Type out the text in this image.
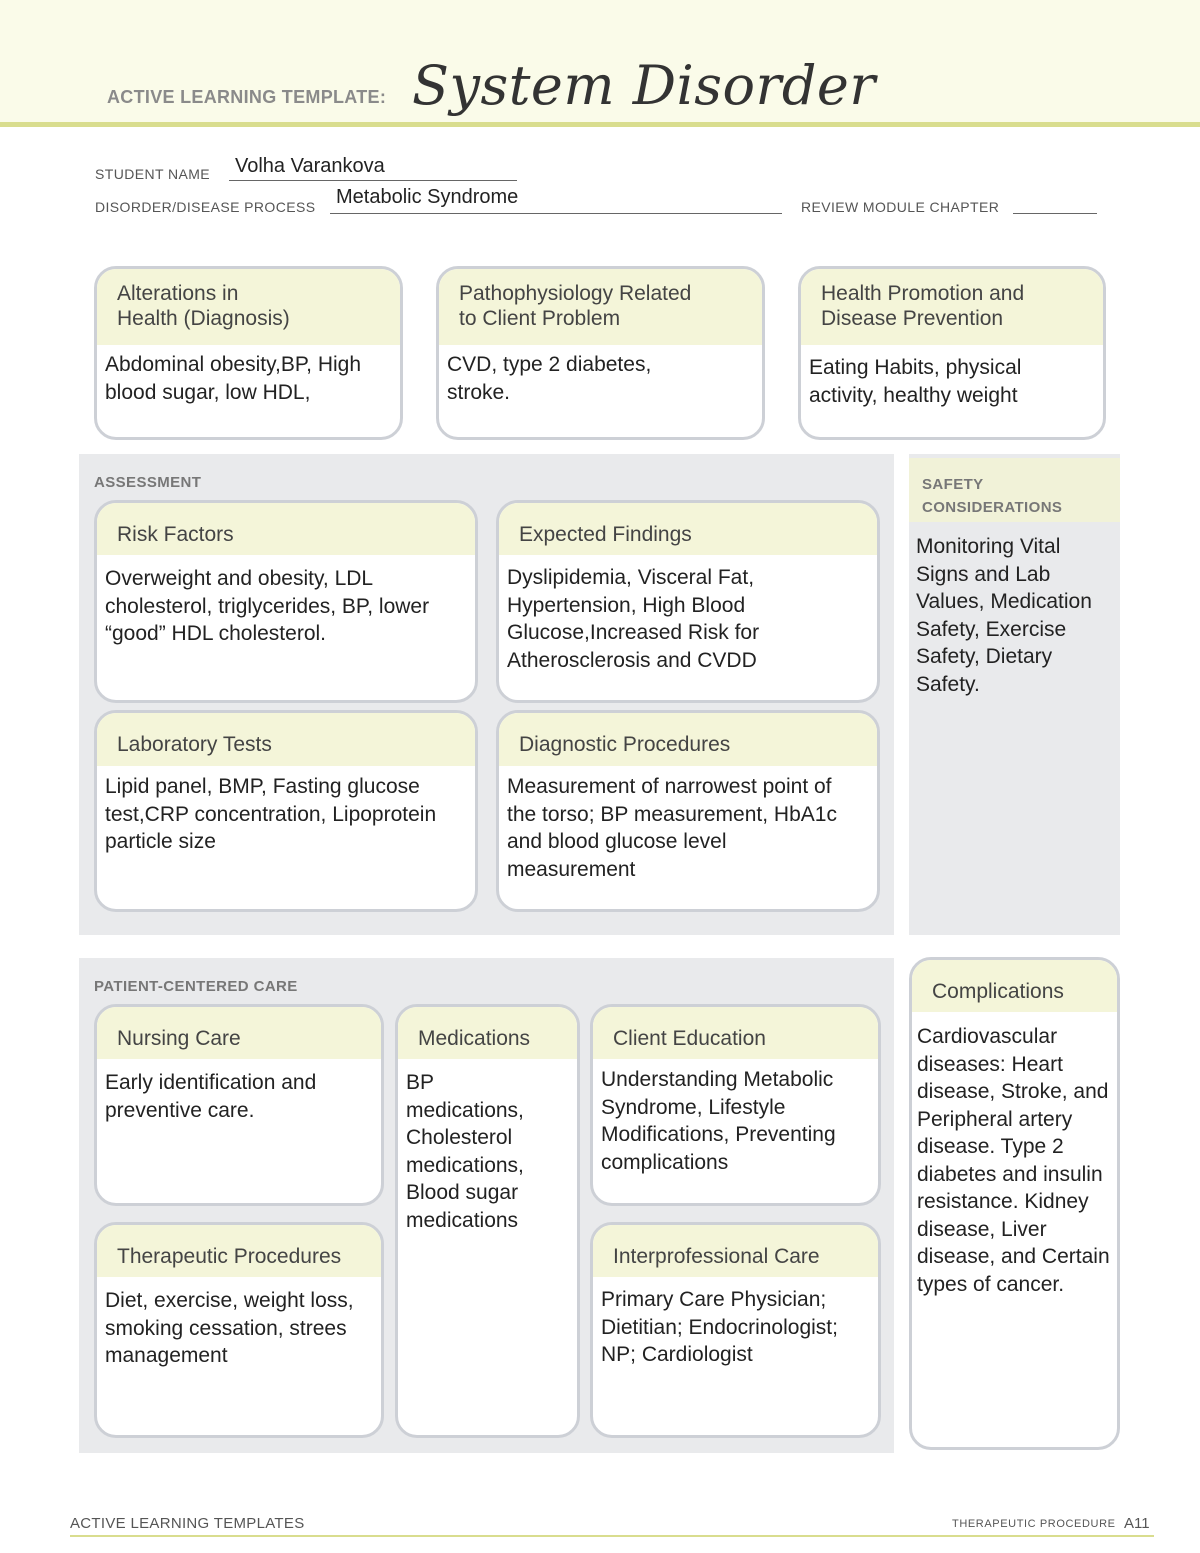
ACTIVE LEARNING TEMPLATE: System Disorder
STUDENT NAME Volha Varankova
DISORDER/DISEASE PROCESS Metabolic Syndrome	REVIEW MODULE CHAPTER
Alterations in
Health (Diagnosis)
Abdominal obesity,BP, High blood sugar, low HDL,
Pathophysiology Related
to Client Problem
CVD, type 2 diabetes, stroke.
Health Promotion and
Disease Prevention
Eating Habits, physical activity, healthy weight
ASSESSMENT
Risk Factors
Overweight and obesity, LDL cholesterol, triglycerides, BP, lower “good” HDL cholesterol.
Expected Findings
Dyslipidemia, Visceral Fat, Hypertension, High Blood Glucose,Increased Risk for Atherosclerosis and CVDD
Laboratory Tests
Lipid panel, BMP, Fasting glucose test,CRP concentration, Lipoprotein particle size
Diagnostic Procedures
Measurement of narrowest point of the torso; BP measurement, HbA1c and blood glucose level measurement
SAFETY
CONSIDERATIONS
Monitoring Vital Signs and Lab Values, Medication Safety, Exercise Safety, Dietary Safety.
PATIENT-CENTERED CARE
Nursing Care
Early identification and preventive care.
Medications
BP medications, Cholesterol medications, Blood sugar medications
Client Education
Understanding Metabolic Syndrome, Lifestyle Modifications, Preventing complications
Therapeutic Procedures
Diet, exercise, weight loss, smoking cessation, strees management
Interprofessional Care
Primary Care Physician; Dietitian; Endocrinologist; NP; Cardiologist
Complications
Cardiovascular diseases: Heart disease, Stroke, and Peripheral artery disease. Type 2 diabetes and insulin resistance. Kidney disease, Liver disease, and Certain types of cancer.
ACTIVE LEARNING TEMPLATES	THERAPEUTIC PROCEDURE A11
